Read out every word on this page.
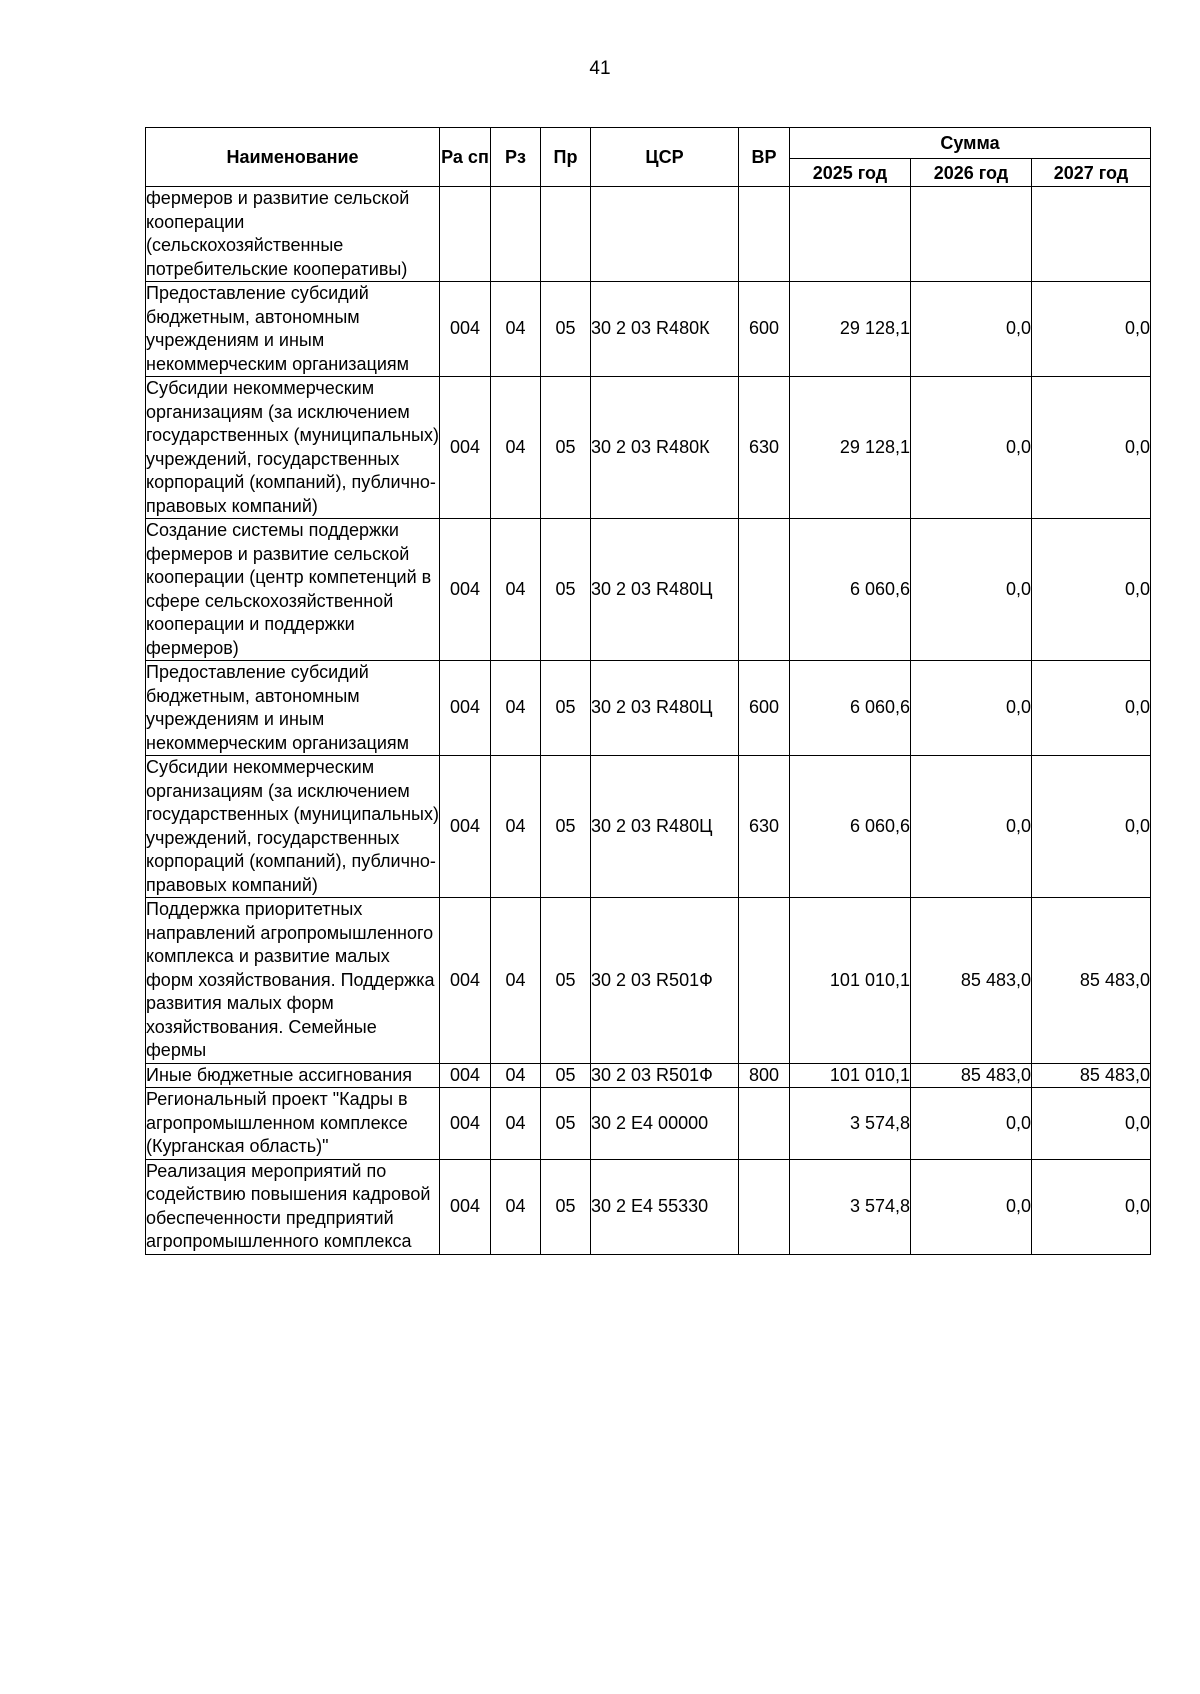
41
Наименование	Ра сп	Рз	Пр	ЦСР	ВР	Сумма		
						2025 год	2026 год	2027 год
фермеров и развитие сельской кооперации (сельскохозяйственные потребительские кооперативы)								
Предоставление субсидий бюджетным, автономным учреждениям и иным некоммерческим организациям	004	04	05	30 2 03 R480К	600	29 128,1	0,0	0,0
Субсидии некоммерческим организациям (за исключением государственных (муниципальных) учреждений, государственных корпораций (компаний), публично-правовых компаний)	004	04	05	30 2 03 R480К	630	29 128,1	0,0	0,0
Создание системы поддержки фермеров и развитие сельской кооперации (центр компетенций в сфере сельскохозяйственной кооперации и поддержки фермеров)	004	04	05	30 2 03 R480Ц		6 060,6	0,0	0,0
Предоставление субсидий бюджетным, автономным учреждениям и иным некоммерческим организациям	004	04	05	30 2 03 R480Ц	600	6 060,6	0,0	0,0
Субсидии некоммерческим организациям (за исключением государственных (муниципальных) учреждений, государственных корпораций (компаний), публично-правовых компаний)	004	04	05	30 2 03 R480Ц	630	6 060,6	0,0	0,0
Поддержка приоритетных направлений агропромышленного комплекса и развитие малых форм хозяйствования. Поддержка развития малых форм хозяйствования. Семейные фермы	004	04	05	30 2 03 R501Ф		101 010,1	85 483,0	85 483,0
Иные бюджетные ассигнования	004	04	05	30 2 03 R501Ф	800	101 010,1	85 483,0	85 483,0
Региональный проект "Кадры в агропромышленном комплексе (Курганская область)"	004	04	05	30 2 Е4 00000		3 574,8	0,0	0,0
Реализация мероприятий по содействию повышения кадровой обеспеченности предприятий агропромышленного комплекса	004	04	05	30 2 Е4 55330		3 574,8	0,0	0,0
